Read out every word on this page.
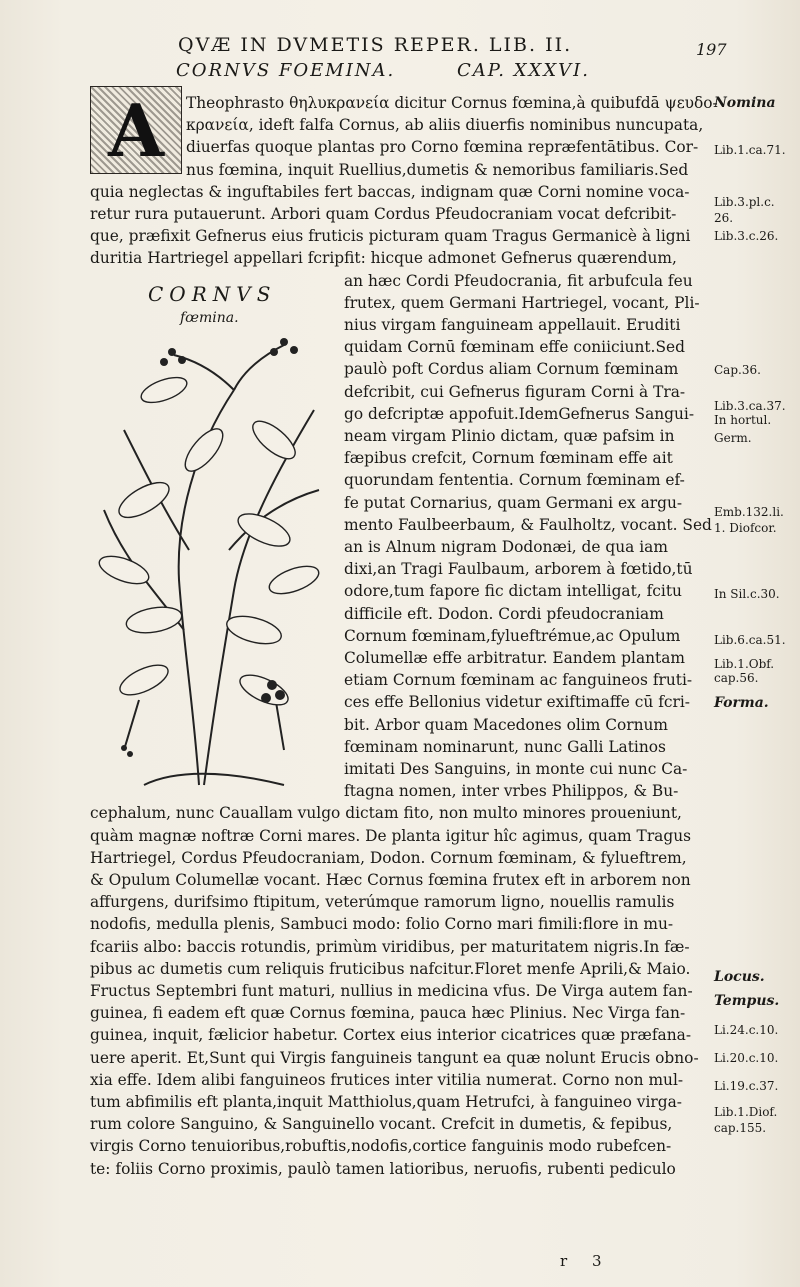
QVÆ IN DVMETIS REPER. LIB. II.	197
CORNVS FOEMINA.	CAP. XXXVI.
A
CORNVS
fœmina.
Theophrasto θηλυκρανεία dicitur Cornus fœmina,à quibufdā ψευδο-
κρανεία, ideft falfa Cornus, ab aliis diuerfis nominibus nuncupata,
diuerfas quoque plantas pro Corno fœmina repræfentātibus. Cor-
nus fœmina, inquit Ruellius,dumetis & nemoribus familiaris.Sed
quia neglectas & inguftabiles fert baccas, indignam quæ Corni nomine voca-
retur rura putauerunt. Arbori quam Cordus Pfeudocraniam vocat defcribit-
que, præfixit Gefnerus eius fruticis picturam quam Tragus Germanicè à ligni
duritia Hartriegel appellari fcripfit: hicque admonet Gefnerus quærendum,
an hæc Cordi Pfeudocrania, fit arbufcula feu
frutex, quem Germani Hartriegel, vocant, Pli-
nius virgam fanguineam appellauit. Eruditi
quidam Cornū fœminam effe coniiciunt.Sed
paulò poft Cordus aliam Cornum fœminam
defcribit, cui Gefnerus figuram Corni à Tra-
go defcriptæ appofuit.IdemGefnerus Sangui-
neam virgam Plinio dictam, quæ pafsim in
fæpibus crefcit, Cornum fœminam effe ait
quorundam fententia. Cornum fœminam ef-
fe putat Cornarius, quam Germani ex argu-
mento Faulbeerbaum, & Faulholtz, vocant. Sed
an is Alnum nigram Dodonæi, de qua iam
dixi,an Tragi Faulbaum, arborem à fœtido,tū
odore,tum fapore fic dictam intelligat, fcitu
difficile eft. Dodon. Cordi pfeudocraniam
Cornum fœminam,fylueftrémue,ac Opulum
Columellæ effe arbitratur. Eandem plantam
etiam Cornum fœminam ac fanguineos fruti-
ces effe Bellonius videtur exiftimaffe cū fcri-
bit. Arbor quam Macedones olim Cornum
fœminam nominarunt, nunc Galli Latinos
imitati Des Sanguins, in monte cui nunc Ca-
ftagna nomen, inter vrbes Philippos, & Bu-
cephalum, nunc Cauallam vulgo dictam fito, non multo minores proueniunt,
quàm magnæ noftræ Corni mares. De planta igitur hîc agimus, quam Tragus
Hartriegel, Cordus Pfeudocraniam, Dodon. Cornum fœminam, & fylueftrem,
& Opulum Columellæ vocant. Hæc Cornus fœmina frutex eft in arborem non
affurgens, durifsimo ftipitum, veterúmque ramorum ligno, nouellis ramulis
nodofis, medulla plenis, Sambuci modo: folio Corno mari fimili:flore in mu-
fcariis albo: baccis rotundis, primùm viridibus, per maturitatem nigris.In fæ-
pibus ac dumetis cum reliquis fruticibus nafcitur.Floret menfe Aprili,& Maio.
Fructus Septembri funt maturi, nullius in medicina vfus. De Virga autem fan-
guinea, fi eadem eft quæ Cornus fœmina, pauca hæc Plinius. Nec Virga fan-
guinea, inquit, fælicior habetur. Cortex eius interior cicatrices quæ præfana-
uere aperit. Et,Sunt qui Virgis fanguineis tangunt ea quæ nolunt Erucis obno-
xia effe. Idem alibi fanguineos frutices inter vitilia numerat. Corno non mul-
tum abfimilis eft planta,inquit Matthiolus,quam Hetrufci, à fanguineo virga-
rum colore Sanguino, & Sanguinello vocant. Crefcit in dumetis, & fepibus,
virgis Corno tenuioribus,robuftis,nodofis,cortice fanguinis modo rubefcen-
te: foliis Corno proximis, paulò tamen latioribus, neruofis, rubenti pediculo
Nomina
Lib.1.ca.71.
Lib.3.pl.c.
26.
Lib.3.c.26.
Cap.36.
Lib.3.ca.37.
In hortul.
Germ.
Emb.132.li.
1. Diofcor.
In Sil.c.30.
Lib.6.ca.51.
Lib.1.Obf.
cap.56.
Forma.
Locus.
Tempus.
Li.24.c.10.
Li.20.c.10.
Li.19.c.37.
Lib.1.Diof.
cap.155.
r 3
